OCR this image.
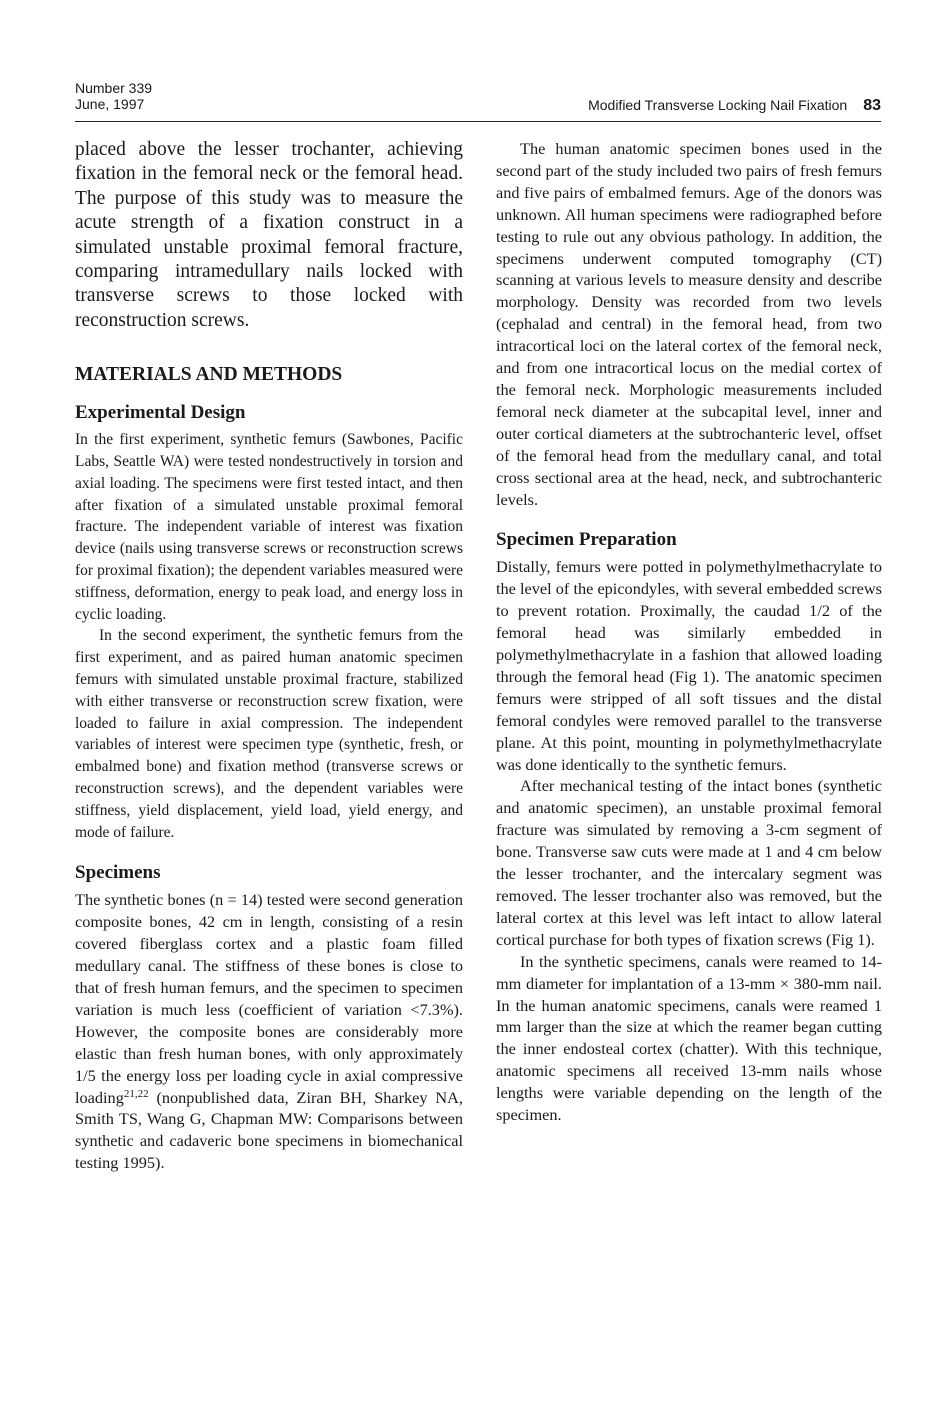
Number 339
June, 1997	Modified Transverse Locking Nail Fixation 83

placed above the lesser trochanter, achieving fixation in the femoral neck or the femoral head. The purpose of this study was to measure the acute strength of a fixation construct in a simulated unstable proximal femoral fracture, comparing intramedullary nails locked with transverse screws to those locked with reconstruction screws.

MATERIALS AND METHODS
Experimental Design

In the first experiment, synthetic femurs (Sawbones, Pacific Labs, Seattle WA) were tested nondestructively in torsion and axial loading. The specimens were first tested intact, and then after fixation of a simulated unstable proximal femoral fracture. The independent variable of interest was fixation device (nails using transverse screws or reconstruction screws for proximal fixation); the dependent variables measured were stiffness, deformation, energy to peak load, and energy loss in cyclic loading.

In the second experiment, the synthetic femurs from the first experiment, and as paired human anatomic specimen femurs with simulated unstable proximal fracture, stabilized with either transverse or reconstruction screw fixation, were loaded to failure in axial compression. The independent variables of interest were specimen type (synthetic, fresh, or embalmed bone) and fixation method (transverse screws or reconstruction screws), and the dependent variables were stiffness, yield displacement, yield load, yield energy, and mode of failure.

Specimens

The synthetic bones (n = 14) tested were second generation composite bones, 42 cm in length, consisting of a resin covered fiberglass cortex and a plastic foam filled medullary canal. The stiffness of these bones is close to that of fresh human femurs, and the specimen to specimen variation is much less (coefficient of variation <7.3%). However, the composite bones are considerably more elastic than fresh human bones, with only approximately 1/5 the energy loss per loading cycle in axial compressive loading$^{21,22}$ (nonpublished data, Ziran BH, Sharkey NA, Smith TS, Wang G, Chapman MW: Comparisons between synthetic and cadaveric bone specimens in biomechanical testing 1995).

The human anatomic specimen bones used in the second part of the study included two pairs of fresh femurs and five pairs of embalmed femurs. Age of the donors was unknown. All human specimens were radiographed before testing to rule out any obvious pathology. In addition, the specimens underwent computed tomography (CT) scanning at various levels to measure density and describe morphology. Density was recorded from two levels (cephalad and central) in the femoral head, from two intracortical loci on the lateral cortex of the femoral neck, and from one intracortical locus on the medial cortex of the femoral neck. Morphologic measurements included femoral neck diameter at the subcapital level, inner and outer cortical diameters at the subtrochanteric level, offset of the femoral head from the medullary canal, and total cross sectional area at the head, neck, and subtrochanteric levels.

Specimen Preparation

Distally, femurs were potted in polymethylmethacrylate to the level of the epicondyles, with several embedded screws to prevent rotation. Proximally, the caudad 1/2 of the femoral head was similarly embedded in polymethylmethacrylate in a fashion that allowed loading through the femoral head (Fig 1). The anatomic specimen femurs were stripped of all soft tissues and the distal femoral condyles were removed parallel to the transverse plane. At this point, mounting in polymethylmethacrylate was done identically to the synthetic femurs.

After mechanical testing of the intact bones (synthetic and anatomic specimen), an unstable proximal femoral fracture was simulated by removing a 3-cm segment of bone. Transverse saw cuts were made at 1 and 4 cm below the lesser trochanter, and the intercalary segment was removed. The lesser trochanter also was removed, but the lateral cortex at this level was left intact to allow lateral cortical purchase for both types of fixation screws (Fig 1).

In the synthetic specimens, canals were reamed to 14-mm diameter for implantation of a 13-mm × 380-mm nail. In the human anatomic specimens, canals were reamed 1 mm larger than the size at which the reamer began cutting the inner endosteal cortex (chatter). With this technique, anatomic specimens all received 13-mm nails whose lengths were variable depending on the length of the specimen.
